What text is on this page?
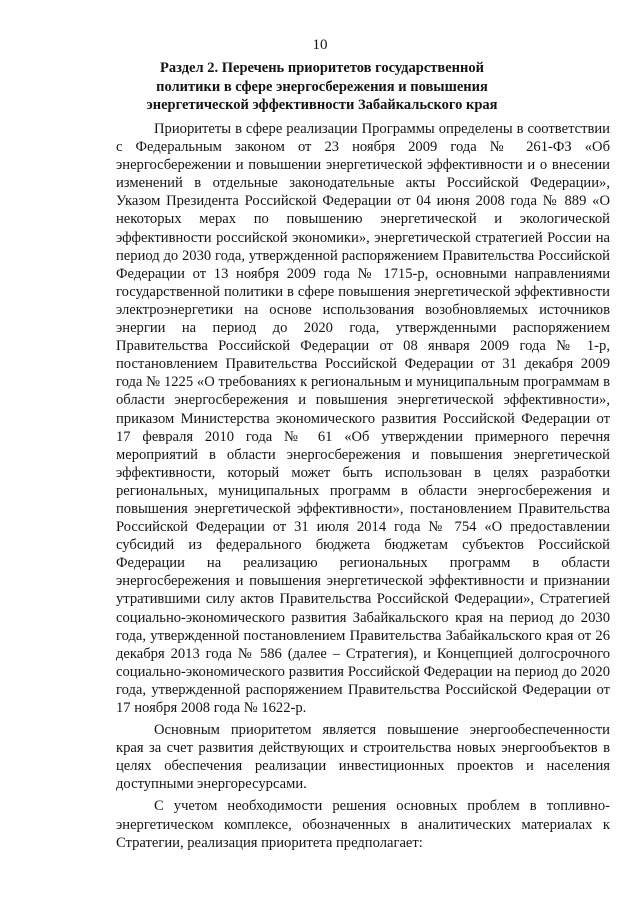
10
Раздел 2. Перечень приоритетов государственной политики в сфере энергосбережения и повышения энергетической эффективности Забайкальского края

Приоритеты в сфере реализации Программы определены в соответствии с Федеральным законом от 23 ноября 2009 года № 261-ФЗ «Об энергосбережении и повышении энергетической эффективности и о внесении изменений в отдельные законодательные акты Российской Федерации», Указом Президента Российской Федерации от 04 июня 2008 года № 889 «О некоторых мерах по повышению энергетической и экологической эффективности российской экономики», энергетической стратегией России на период до 2030 года, утвержденной распоряжением Правительства Российской Федерации от 13 ноября 2009 года № 1715-р, основными направлениями государственной политики в сфере повышения энергетической эффективности электроэнергетики на основе использования возобновляемых источников энергии на период до 2020 года, утвержденными распоряжением Правительства Российской Федерации от 08 января 2009 года № 1-р, постановлением Правительства Российской Федерации от 31 декабря 2009 года № 1225 «О требованиях к региональным и муниципальным программам в области энергосбережения и повышения энергетической эффективности», приказом Министерства экономического развития Российской Федерации от 17 февраля 2010 года № 61 «Об утверждении примерного перечня мероприятий в области энергосбережения и повышения энергетической эффективности, который может быть использован в целях разработки региональных, муниципальных программ в области энергосбережения и повышения энергетической эффективности», постановлением Правительства Российской Федерации от 31 июля 2014 года № 754 «О предоставлении субсидий из федерального бюджета бюджетам субъектов Российской Федерации на реализацию региональных программ в области энергосбережения и повышения энергетической эффективности и признании утратившими силу актов Правительства Российской Федерации», Стратегией социально-экономического развития Забайкальского края на период до 2030 года, утвержденной постановлением Правительства Забайкальского края от 26 декабря 2013 года № 586 (далее – Стратегия), и Концепцией долгосрочного социально-экономического развития Российской Федерации на период до 2020 года, утвержденной распоряжением Правительства Российской Федерации от 17 ноября 2008 года № 1622-р.

Основным приоритетом является повышение энергообеспеченности края за счет развития действующих и строительства новых энергообъектов в целях обеспечения реализации инвестиционных проектов и населения доступными энергоресурсами.

С учетом необходимости решения основных проблем в топливно-энергетическом комплексе, обозначенных в аналитических материалах к Стратегии, реализация приоритета предполагает:
